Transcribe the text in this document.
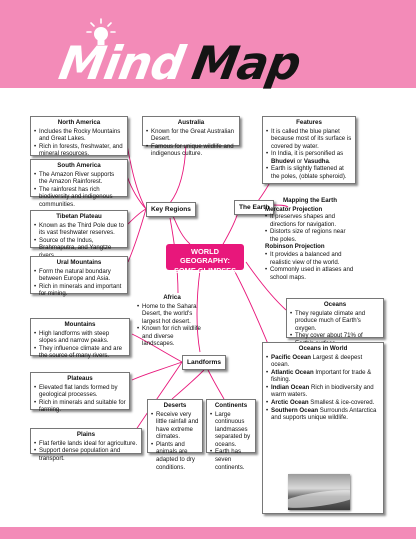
Mind Map
WORLD GEOGRAPHY:
SOME GLIMPSES
Key Regions	The Earth
Landforms
North America
• Includes the Rocky Mountains and Great Lakes.
• Rich in forests, freshwater, and mineral resources.
South America
• The Amazon River supports the Amazon Rainforest.
• The rainforest has rich biodiversity and indigenous communities.
Tibetan Plateau
• Known as the Third Pole due to its vast freshwater reserves.
• Source of the Indus, Brahmaputra, and Yangtze
Ural Mountains
• Form the natural boundary between Europe and Asia.
• Rich in minerals and important for mining.
Australia
• Known for the Great Australian Desert.
• Famous for unique wildlife and indigenous culture.
Africa
• Home to the Sahara Desert, the world's largest hot desert.
• Known for rich wildlife and diverse landscapes.
Features
• It is called the blue planet because most of its surface is covered by water.
• In India, it is personified as Bhudevi or Vasudha.
• Earth is slightly flattened at the poles, (oblate spheroid).
Mapping the Earth
Mercator Projection
• It preserves shapes and directions for navigation.
• Distorts size of regions near the poles.
Robinson Projection
• It provides a balanced and realistic view of the world.
• Commonly used in atlases and school maps.
Oceans
• They regulate climate and produce much of Earth's oxygen.
• They cover about 71% of
Oceans in World
• Pacific Ocean Largest & deepest ocean.
• Atlantic Ocean Important for trade & fishing.
• Indian Ocean Rich in biodiversity and warm waters.
• Arctic Ocean Smallest & ice-covered.
• Southern Ocean Surrounds Antarctica and supports unique wildlife.
Mountains
• High landforms with steep slopes and narrow peaks.
• They influence climate and are the source of many rivers.
Plateaus
• Elevated flat lands formed by geological processes.
• Rich in minerals and suitable for farming.
Plains
• Flat fertile lands ideal for agriculture.
• Support dense population and transport.
Deserts
• Receive very little rainfall and have extreme climates.
• Plants and animals are adapted to dry conditions.
Continents
• Large continuous landmasses separated by oceans.
• Earth has seven continents.
